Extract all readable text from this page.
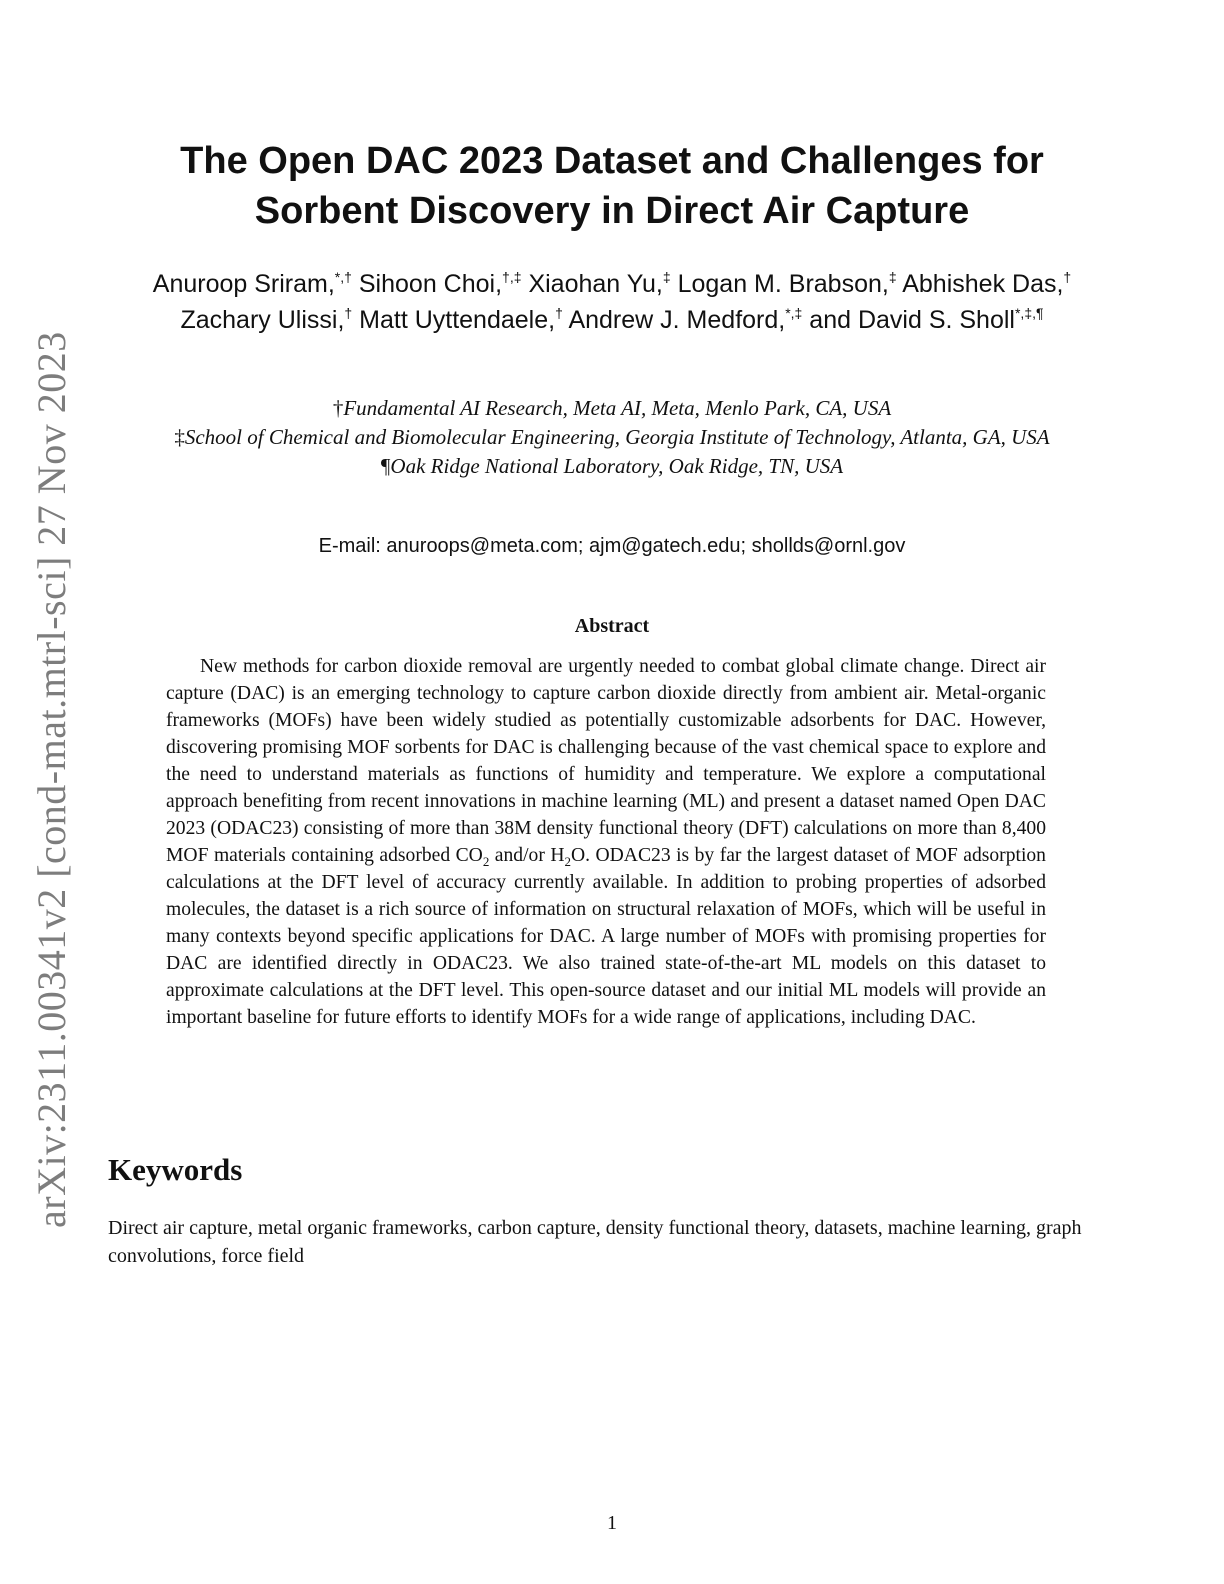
arXiv:2311.00341v2 [cond-mat.mtrl-sci] 27 Nov 2023
The Open DAC 2023 Dataset and Challenges for
Sorbent Discovery in Direct Air Capture
Anuroop Sriram,*,† Sihoon Choi,†,‡ Xiaohan Yu,‡ Logan M. Brabson,‡ Abhishek Das,† Zachary Ulissi,† Matt Uyttendaele,† Andrew J. Medford,*,‡ and David S. Sholl*,‡,¶
†Fundamental AI Research, Meta AI, Meta, Menlo Park, CA, USA
‡School of Chemical and Biomolecular Engineering, Georgia Institute of Technology, Atlanta, GA, USA
¶Oak Ridge National Laboratory, Oak Ridge, TN, USA
E-mail: anuroops@meta.com; ajm@gatech.edu; shollds@ornl.gov
Abstract

New methods for carbon dioxide removal are urgently needed to combat global climate change. Direct air capture (DAC) is an emerging technology to capture carbon dioxide directly from ambient air. Metal-organic frameworks (MOFs) have been widely studied as potentially customizable adsorbents for DAC. However, discovering promising MOF sorbents for DAC is challenging because of the vast chemical space to explore and the need to understand materials as functions of humidity and temperature. We explore a computational approach benefiting from recent innovations in machine learning (ML) and present a dataset named Open DAC 2023 (ODAC23) consisting of more than 38M density functional theory (DFT) calculations on more than 8,400 MOF materials containing adsorbed $CO_2$ and/or $H_2O$. ODAC23 is by far the largest dataset of MOF adsorption calculations at the DFT level of accuracy currently available. In addition to probing properties of adsorbed molecules, the dataset is a rich source of information on structural relaxation of MOFs, which will be useful in many contexts beyond specific applications for DAC. A large number of MOFs with promising properties for DAC are identified directly in ODAC23. We also trained state-of-the-art ML models on this dataset to approximate calculations at the DFT level. This open-source dataset and our initial ML models will provide an important baseline for future efforts to identify MOFs for a wide range of applications, including DAC.

Keywords

Direct air capture, metal organic frameworks, carbon capture, density functional theory, datasets, machine learning, graph convolutions, force field

1
